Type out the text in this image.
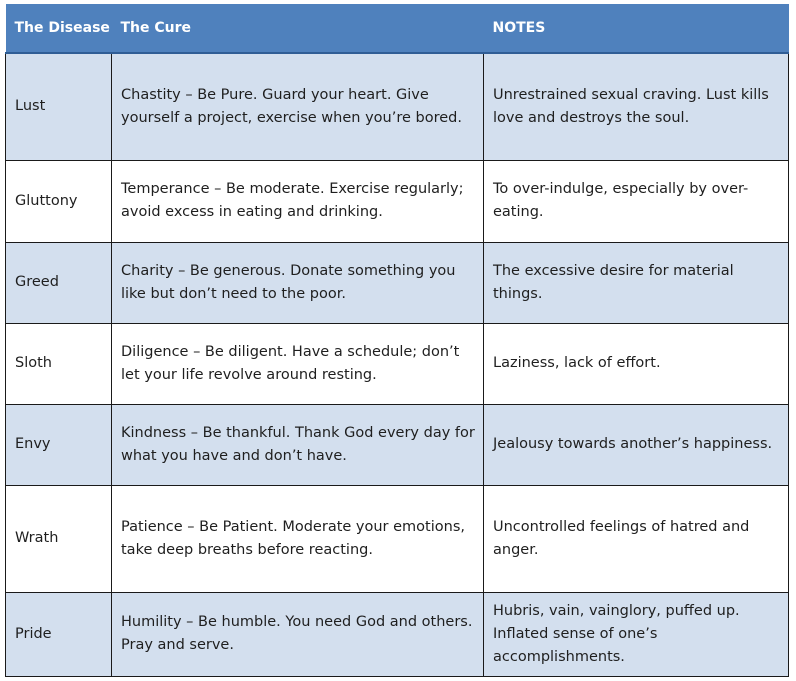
The Disease	The Cure	NOTES
Lust	Chastity – Be Pure. Guard your heart. Give yourself a project, exercise when you’re bored.	Unrestrained sexual craving. Lust kills love and destroys the soul.
Gluttony	Temperance – Be moderate. Exercise regularly; avoid excess in eating and drinking.	To over-indulge, especially by over-eating.
Greed	Charity – Be generous. Donate something you like but don’t need to the poor.	The excessive desire for material things.
Sloth	Diligence – Be diligent. Have a schedule; don’t let your life revolve around resting.	Laziness, lack of effort.
Envy	Kindness – Be thankful. Thank God every day for what you have and don’t have.	Jealousy towards another’s happiness.
Wrath	Patience – Be Patient. Moderate your emotions, take deep breaths before reacting.	Uncontrolled feelings of hatred and anger.
Pride	Humility – Be humble. You need God and others. Pray and serve.	Hubris, vain, vainglory, puffed up. Inflated sense of one’s accomplishments.
